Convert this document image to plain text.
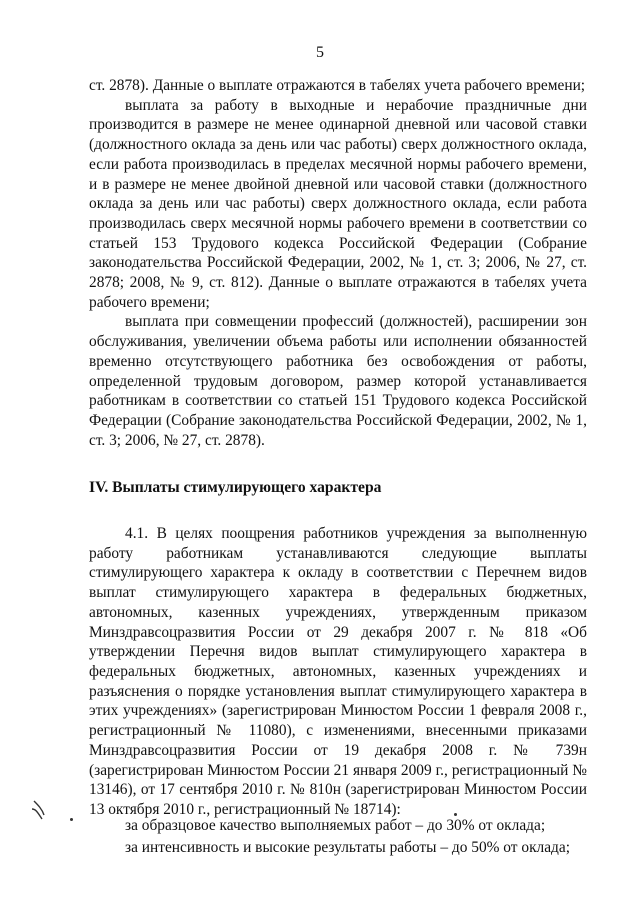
5

ст. 2878). Данные о выплате отражаются в табелях учета рабочего времени;

выплата за работу в выходные и нерабочие праздничные дни производится в размере не менее одинарной дневной или часовой ставки (должностного оклада за день или час работы) сверх должностного оклада, если работа производилась в пределах месячной нормы рабочего времени, и в размере не менее двойной дневной или часовой ставки (должностного оклада за день или час работы) сверх должностного оклада, если работа производилась сверх месячной нормы рабочего времени в соответствии со статьей 153 Трудового кодекса Российской Федерации (Собрание законодательства Российской Федерации, 2002, № 1, ст. 3; 2006, № 27, ст. 2878; 2008, № 9, ст. 812). Данные о выплате отражаются в табелях учета рабочего времени;

выплата при совмещении профессий (должностей), расширении зон обслуживания, увеличении объема работы или исполнении обязанностей временно отсутствующего работника без освобождения от работы, определенной трудовым договором, размер которой устанавливается работникам в соответствии со статьей 151 Трудового кодекса Российской Федерации (Собрание законодательства Российской Федерации, 2002, № 1, ст. 3; 2006, № 27, ст. 2878).

IV. Выплаты стимулирующего характера

4.1. В целях поощрения работников учреждения за выполненную работу работникам устанавливаются следующие выплаты стимулирующего характера к окладу в соответствии с Перечнем видов выплат стимулирующего характера в федеральных бюджетных, автономных, казенных учреждениях, утвержденным приказом Минздравсоцразвития России от 29 декабря 2007 г. № 818 «Об утверждении Перечня видов выплат стимулирующего характера в федеральных бюджетных, автономных, казенных учреждениях и разъяснения о порядке установления выплат стимулирующего характера в этих учреждениях» (зарегистрирован Минюстом России 1 февраля 2008 г., регистрационный № 11080), с изменениями, внесенными приказами Минздравсоцразвития России от 19 декабря 2008 г. № 739н (зарегистрирован Минюстом России 21 января 2009 г., регистрационный № 13146), от 17 сентября 2010 г. № 810н (зарегистрирован Минюстом России 13 октября 2010 г., регистрационный № 18714):

за образцовое качество выполняемых работ – до 30% от оклада;

за интенсивность и высокие результаты работы – до 50% от оклада;
